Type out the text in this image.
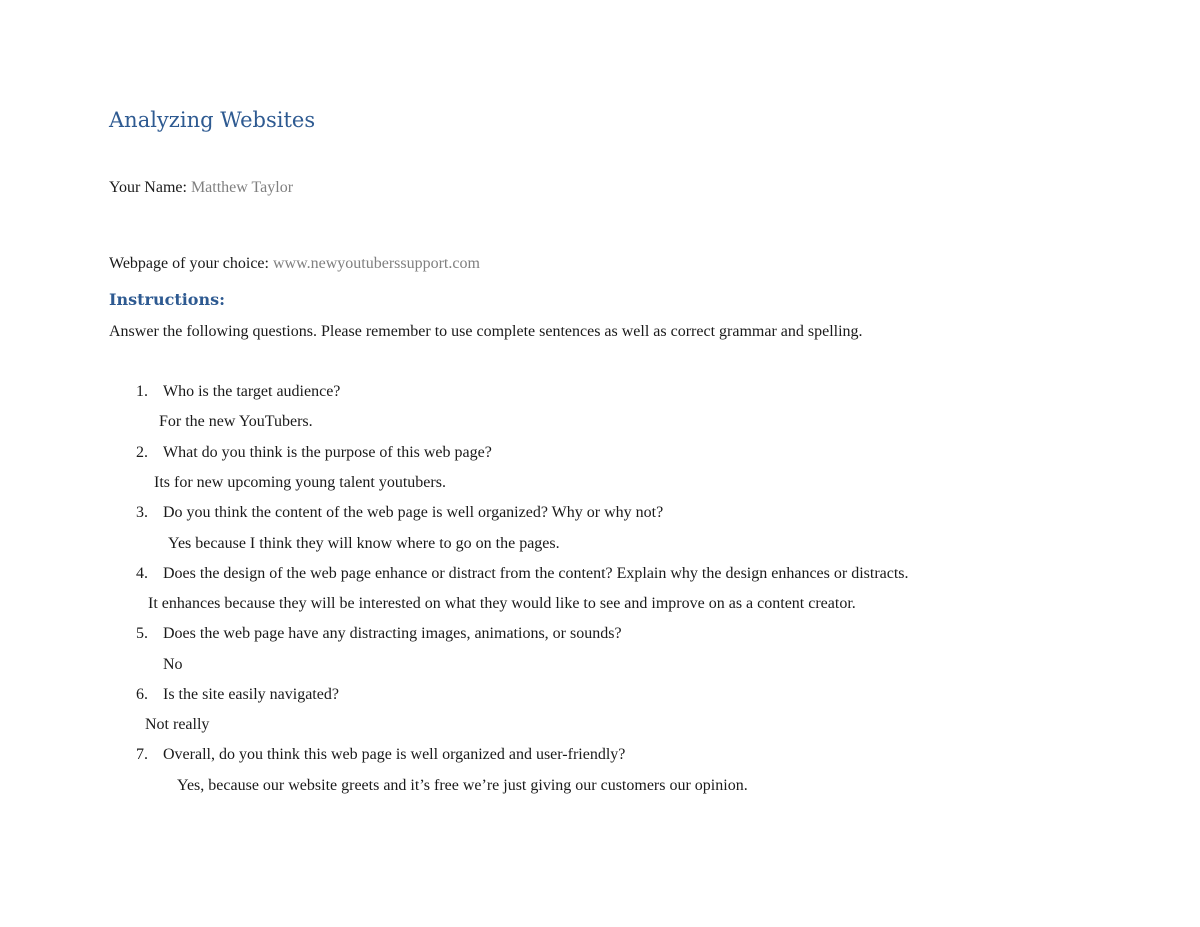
Analyzing Websites
Your Name: Matthew Taylor
Webpage of your choice: www.newyoutuberssupport.com
Instructions:
Answer the following questions. Please remember to use complete sentences as well as correct grammar and spelling.
1. Who is the target audience?
For the new YouTubers.
2. What do you think is the purpose of this web page?
Its for new upcoming young talent youtubers.
3. Do you think the content of the web page is well organized? Why or why not?
Yes because I think they will know where to go on the pages.
4. Does the design of the web page enhance or distract from the content? Explain why the design enhances or distracts.
It enhances because they will be interested on what they would like to see and improve on as a content creator.
5. Does the web page have any distracting images, animations, or sounds?
No
6. Is the site easily navigated?
Not really
7. Overall, do you think this web page is well organized and user-friendly?
Yes, because our website greets and it’s free we’re just giving our customers our opinion.
